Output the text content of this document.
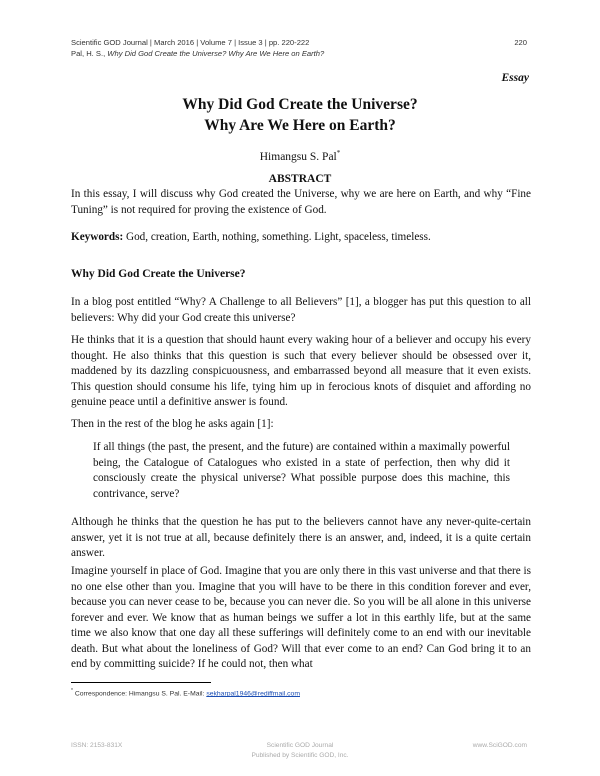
Scientific GOD Journal | March 2016 | Volume 7 | Issue 3 | pp. 220-222
Pal, H. S., Why Did God Create the Universe? Why Are We Here on Earth?
220
Essay
Why Did God Create the Universe?
Why Are We Here on Earth?
Himangsu S. Pal*
ABSTRACT
In this essay, I will discuss why God created the Universe, why we are here on Earth, and why “Fine Tuning” is not required for proving the existence of God.
Keywords: God, creation, Earth, nothing, something. Light, spaceless, timeless.
Why Did God Create the Universe?
In a blog post entitled “Why? A Challenge to all Believers” [1], a blogger has put this question to all believers: Why did your God create this universe?
He thinks that it is a question that should haunt every waking hour of a believer and occupy his every thought. He also thinks that this question is such that every believer should be obsessed over it, maddened by its dazzling conspicuousness, and embarrassed beyond all measure that it even exists. This question should consume his life, tying him up in ferocious knots of disquiet and affording no genuine peace until a definitive answer is found.
Then in the rest of the blog he asks again [1]:
If all things (the past, the present, and the future) are contained within a maximally powerful being, the Catalogue of Catalogues who existed in a state of perfection, then why did it consciously create the physical universe? What possible purpose does this machine, this contrivance, serve?
Although he thinks that the question he has put to the believers cannot have any never-quite-certain answer, yet it is not true at all, because definitely there is an answer, and, indeed, it is a quite certain answer.
Imagine yourself in place of God. Imagine that you are only there in this vast universe and that there is no one else other than you. Imagine that you will have to be there in this condition forever and ever, because you can never cease to be, because you can never die. So you will be all alone in this universe forever and ever. We know that as human beings we suffer a lot in this earthly life, but at the same time we also know that one day all these sufferings will definitely come to an end with our inevitable death. But what about the loneliness of God? Will that ever come to an end? Can God bring it to an end by committing suicide? If he could not, then what
* Correspondence: Himangsu S. Pal. E-Mail: sekharpal1946@rediffmail.com
ISSN: 2153-831X	Scientific GOD Journal
Published by Scientific GOD, Inc.
www.SciGOD.com
